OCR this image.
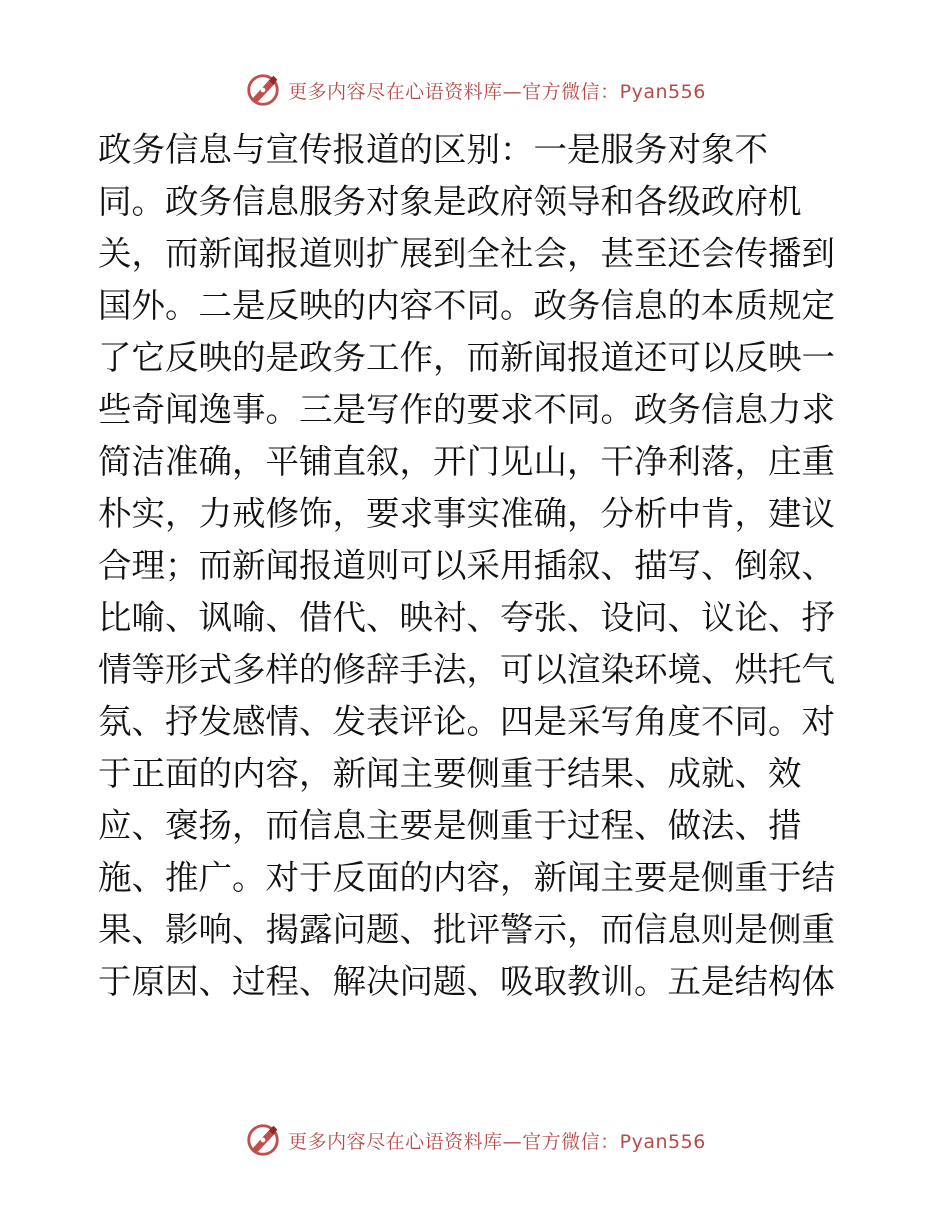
更多内容尽在心语资料库—官方微信：Pyan556
政务信息与宣传报道的区别：一是服务对象不
同。政务信息服务对象是政府领导和各级政府机
关，而新闻报道则扩展到全社会，甚至还会传播到
国外。二是反映的内容不同。政务信息的本质规定
了它反映的是政务工作，而新闻报道还可以反映一
些奇闻逸事。三是写作的要求不同。政务信息力求
简洁准确，平铺直叙，开门见山，干净利落，庄重
朴实，力戒修饰，要求事实准确，分析中肯，建议
合理；而新闻报道则可以采用插叙、描写、倒叙、
比喻、讽喻、借代、映衬、夸张、设问、议论、抒
情等形式多样的修辞手法，可以渲染环境、烘托气
氛、抒发感情、发表评论。四是采写角度不同。对
于正面的内容，新闻主要侧重于结果、成就、效
应、褒扬，而信息主要是侧重于过程、做法、措
施、推广。对于反面的内容，新闻主要是侧重于结
果、影响、揭露问题、批评警示，而信息则是侧重
于原因、过程、解决问题、吸取教训。五是结构体
更多内容尽在心语资料库—官方微信：Pyan556
